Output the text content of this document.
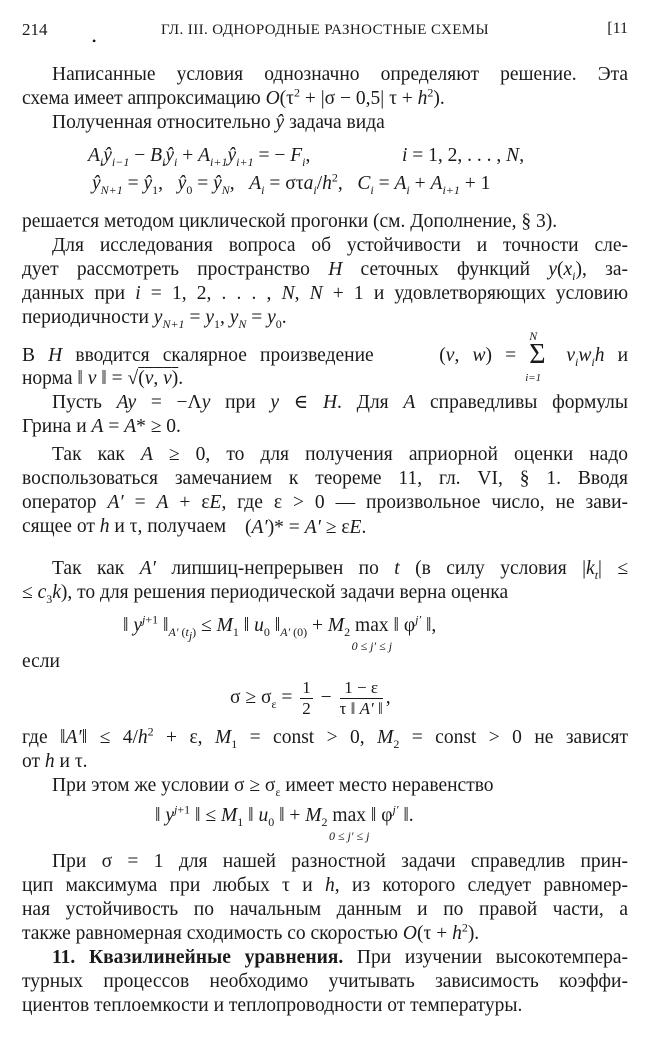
214
•
ГЛ. III. ОДНОРОДНЫЕ РАЗНОСТНЫЕ СХЕМЫ	[11
Написанные условия однозначно определяют решение. Эта
схема имеет аппроксимацию $O(\tau^2 + |\sigma - 0,5|$ $\tau + h^2$).
Полученная относительно ŷ задача вида
$A_iŷ_{i-1}$ − $B_iŷ_i$ + $A_{i+1}ŷ_{i+1}$ = − $F_i$,	i = 1, 2, . . . , N,
$ŷ_{N+1}$ = $ŷ_1$,   $ŷ_0$ = $ŷ_N$,   $A_i = \sigma\tau a_i/h^2$,   $C_i = A_i + A_{i+1} + 1$
решается методом циклической прогонки (см. Дополнение, § 3).
Для исследования вопроса об устойчивости и точности сле-
дует рассмотреть пространство H сеточных функций $y(x_i)$, за-
данных при i = 1, 2, . . . , N, N + 1 и удовлетворяющих условию
периодичности $y_{N+1} = y_1$, $y_N = y_0$.
В H вводится скалярное произведение     (v, w) =
N
Σ
i=1
$v_iw_ih$ и
норма ‖ v ‖ = √(v, v).
Пусть Ay = −Λy при y ∈ H. Для A справедливы формулы
Грина и A = A* ≥ 0.
Так как A ≥ 0, то для получения априорной оценки надо
воспользоваться замечанием к теореме 11, гл. VI, § 1. Вводя
оператор A′ = A + εE, где ε > 0 — произвольное число, не зави-
сящее от h и τ, получаем (A′)* = A′ ≥ εE.
Так как A′ липшиц-непрерывен по t (в силу условия $|k_t|$ ≤
≤ $c_3k$), то для решения периодической задачи верна оценка
‖ $y^{j+1}$ $‖_{A' (t_j)} \le M_1$ ‖ $u_0$ $‖_{A' (0)} + M_2$ max
0 ≤ j′ ≤ j
‖ $\varphi^{j'}$ ‖,
если
$\sigma \ge \sigma_\varepsilon = \frac{1}{2} - \frac{1 - \varepsilon}{\tau ‖ A' ‖}$ ,
где ‖A′‖ ≤ $4/h^2 + \varepsilon$, $M_1$ = const > 0, $M_2$ = const > 0 не зависят
от h и τ.
При этом же условии $\sigma \ge \sigma_\varepsilon$ имеет место неравенство
‖ $y^{j+1}$ ‖ ≤ $M_1$ ‖ $u_0$ ‖ + $M_2$ max
0 ≤ j′ ≤ j
‖ $\varphi^{j'}$ ‖.
При σ = 1 для нашей разностной задачи справедлив прин-
цип максимума при любых τ и h, из которого следует равномер-
ная устойчивость по начальным данным и по правой части, а
также равномерная сходимость со скоростью $O(\tau + h^2)$.
11. Квазилинейные уравнения. При изучении высокотемпера-
турных процессов необходимо учитывать зависимость коэффи-
циентов теплоемкости и теплопроводности от температуры.
